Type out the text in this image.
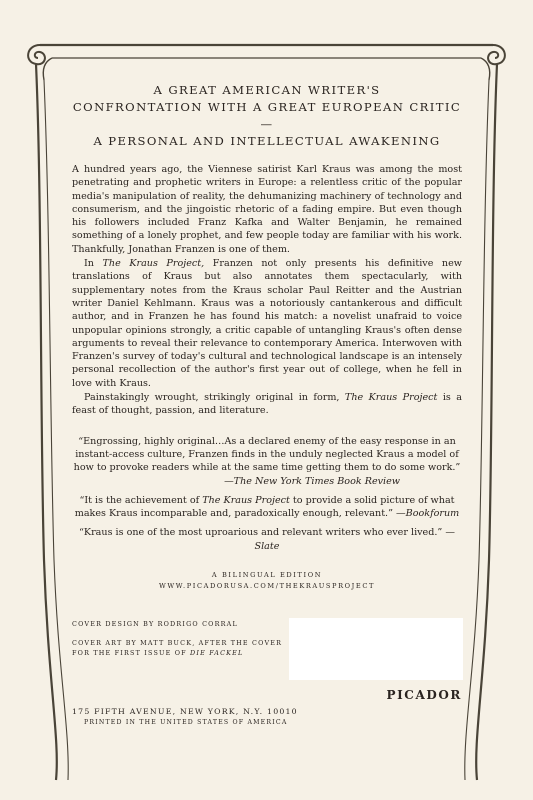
A GREAT AMERICAN WRITER'S
CONFRONTATION WITH A GREAT EUROPEAN CRITIC—
A PERSONAL AND INTELLECTUAL AWAKENING

A hundred years ago, the Viennese satirist Karl Kraus was among the most penetrating and prophetic writers in Europe: a relentless critic of the popular media's manipulation of reality, the dehumanizing machinery of technology and consumerism, and the jingoistic rhetoric of a fading empire. But even though his followers included Franz Kafka and Walter Benjamin, he remained something of a lonely prophet, and few people today are familiar with his work. Thankfully, Jonathan Franzen is one of them.

In The Kraus Project, Franzen not only presents his definitive new translations of Kraus but also annotates them spectacularly, with supplementary notes from the Kraus scholar Paul Reitter and the Austrian writer Daniel Kehlmann. Kraus was a notoriously cantankerous and difficult author, and in Franzen he has found his match: a novelist unafraid to voice unpopular opinions strongly, a critic capable of untangling Kraus's often dense arguments to reveal their relevance to contemporary America. Interwoven with Franzen's survey of today's cultural and technological landscape is an intensely personal recollection of the author's first year out of college, when he fell in love with Kraus.

Painstakingly wrought, strikingly original in form, The Kraus Project is a feast of thought, passion, and literature.

“Engrossing, highly original…As a declared enemy of the easy response in an instant-access culture, Franzen finds in the unduly neglected Kraus a model of how to provoke readers while at the same time getting them to do some work.”
—The New York Times Book Review
“It is the achievement of The Kraus Project to provide a solid picture of what makes Kraus incomparable and, paradoxically enough, relevant.” —Bookforum
“Kraus is one of the most uproarious and relevant writers who ever lived.” —Slate
A BILINGUAL EDITION
WWW.PICADORUSA.COM/THEKRAUSPROJECT
COVER DESIGN BY RODRIGO CORRAL
COVER ART BY MATT BUCK, AFTER THE COVER FOR THE FIRST ISSUE OF DIE FACKEL
PICADOR
175 FIFTH AVENUE, NEW YORK, N.Y. 10010
PRINTED IN THE UNITED STATES OF AMERICA
